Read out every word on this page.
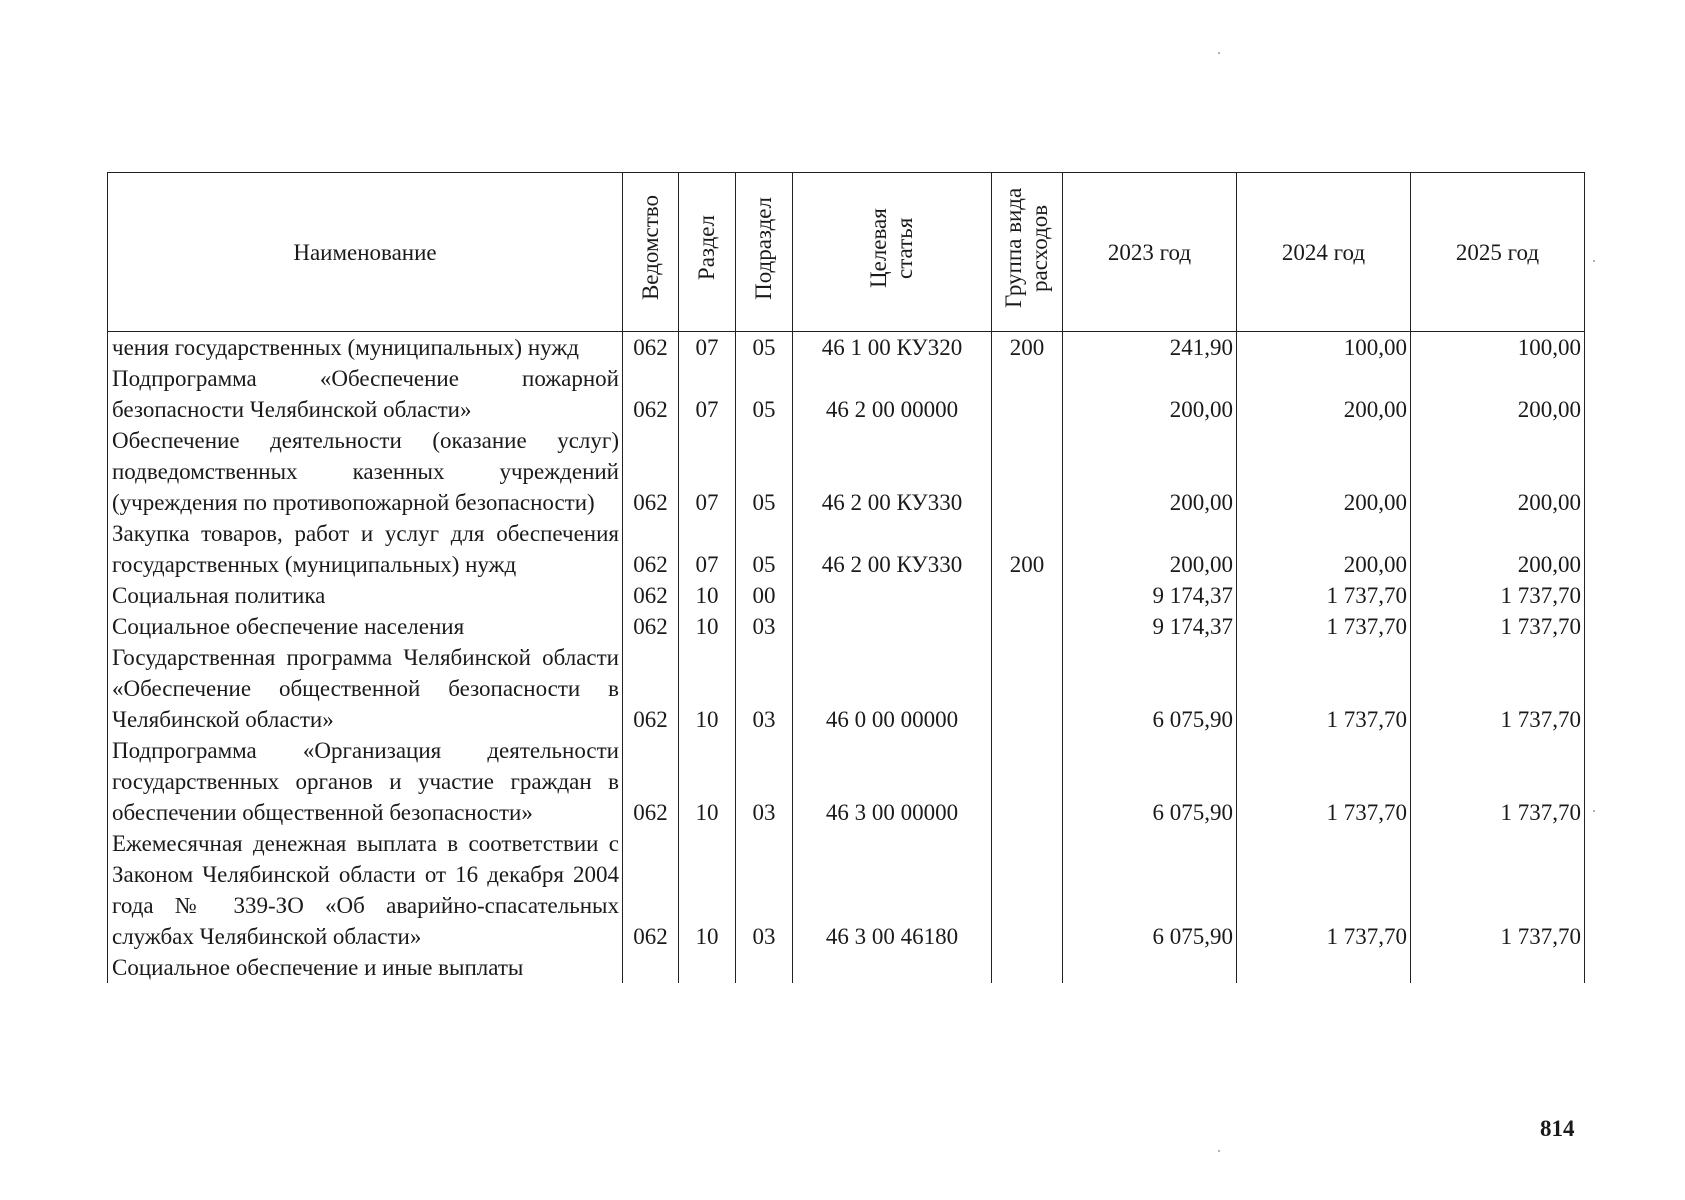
Наименование	Ведомство	Раздел	Подраздел	Целевая статья	Группа вида расходов	2023 год	2024 год	2025 год
чения государственных (муниципальных) нужд	062	07	05	46 1 00 КУ320	200	241,90	100,00	100,00
Подпрограмма «Обеспечение пожарной безопасности Челябинской области»	062	07	05	46 2 00 00000		200,00	200,00	200,00
Обеспечение деятельности (оказание услуг) подведомственных казенных учреждений (учреждения по противопожарной безопасности)	062	07	05	46 2 00 КУ330		200,00	200,00	200,00
Закупка товаров, работ и услуг для обеспечения государственных (муниципальных) нужд	062	07	05	46 2 00 КУ330	200	200,00	200,00	200,00
Социальная политика	062	10	00			9 174,37	1 737,70	1 737,70
Социальное обеспечение населения	062	10	03			9 174,37	1 737,70	1 737,70
Государственная программа Челябинской области «Обеспечение общественной безопасности в Челябинской области»	062	10	03	46 0 00 00000		6 075,90	1 737,70	1 737,70
Подпрограмма «Организация деятельности государственных органов и участие граждан в обеспечении общественной безопасности»	062	10	03	46 3 00 00000		6 075,90	1 737,70	1 737,70
Ежемесячная денежная выплата в соответствии с Законом Челябинской области от 16 декабря 2004 года № 339-ЗО «Об аварийно-спасательных службах Челябинской области»	062	10	03	46 3 00 46180		6 075,90	1 737,70	1 737,70
Социальное обеспечение и иные выплаты								
814
